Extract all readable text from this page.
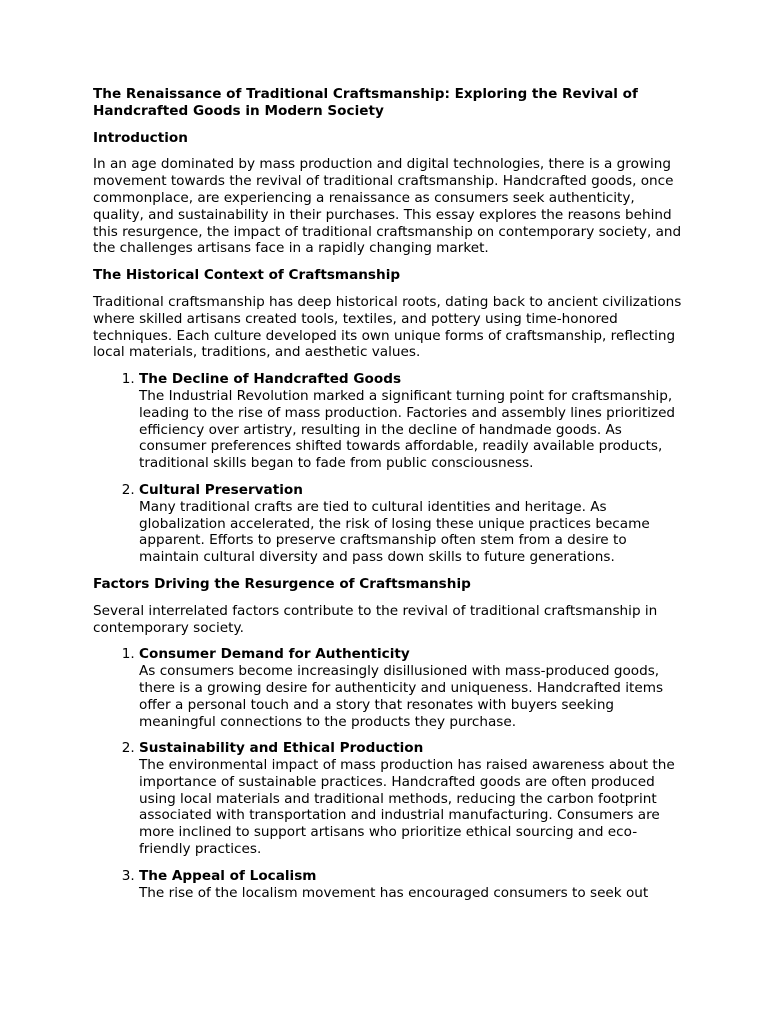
The Renaissance of Traditional Craftsmanship: Exploring the Revival of Handcrafted Goods in Modern Society
Introduction

In an age dominated by mass production and digital technologies, there is a growing movement towards the revival of traditional craftsmanship. Handcrafted goods, once commonplace, are experiencing a renaissance as consumers seek authenticity, quality, and sustainability in their purchases. This essay explores the reasons behind this resurgence, the impact of traditional craftsmanship on contemporary society, and the challenges artisans face in a rapidly changing market.

The Historical Context of Craftsmanship

Traditional craftsmanship has deep historical roots, dating back to ancient civilizations where skilled artisans created tools, textiles, and pottery using time-honored techniques. Each culture developed its own unique forms of craftsmanship, reflecting local materials, traditions, and aesthetic values.

1. The Decline of Handcrafted Goods
The Industrial Revolution marked a significant turning point for craftsmanship, leading to the rise of mass production. Factories and assembly lines prioritized efficiency over artistry, resulting in the decline of handmade goods. As consumer preferences shifted towards affordable, readily available products, traditional skills began to fade from public consciousness.
2. Cultural Preservation
Many traditional crafts are tied to cultural identities and heritage. As globalization accelerated, the risk of losing these unique practices became apparent. Efforts to preserve craftsmanship often stem from a desire to maintain cultural diversity and pass down skills to future generations.
Factors Driving the Resurgence of Craftsmanship

Several interrelated factors contribute to the revival of traditional craftsmanship in contemporary society.

1. Consumer Demand for Authenticity
As consumers become increasingly disillusioned with mass-produced goods, there is a growing desire for authenticity and uniqueness. Handcrafted items offer a personal touch and a story that resonates with buyers seeking meaningful connections to the products they purchase.
2. Sustainability and Ethical Production
The environmental impact of mass production has raised awareness about the importance of sustainable practices. Handcrafted goods are often produced using local materials and traditional methods, reducing the carbon footprint associated with transportation and industrial manufacturing. Consumers are more inclined to support artisans who prioritize ethical sourcing and eco-friendly practices.
3. The Appeal of Localism
The rise of the localism movement has encouraged consumers to seek out
